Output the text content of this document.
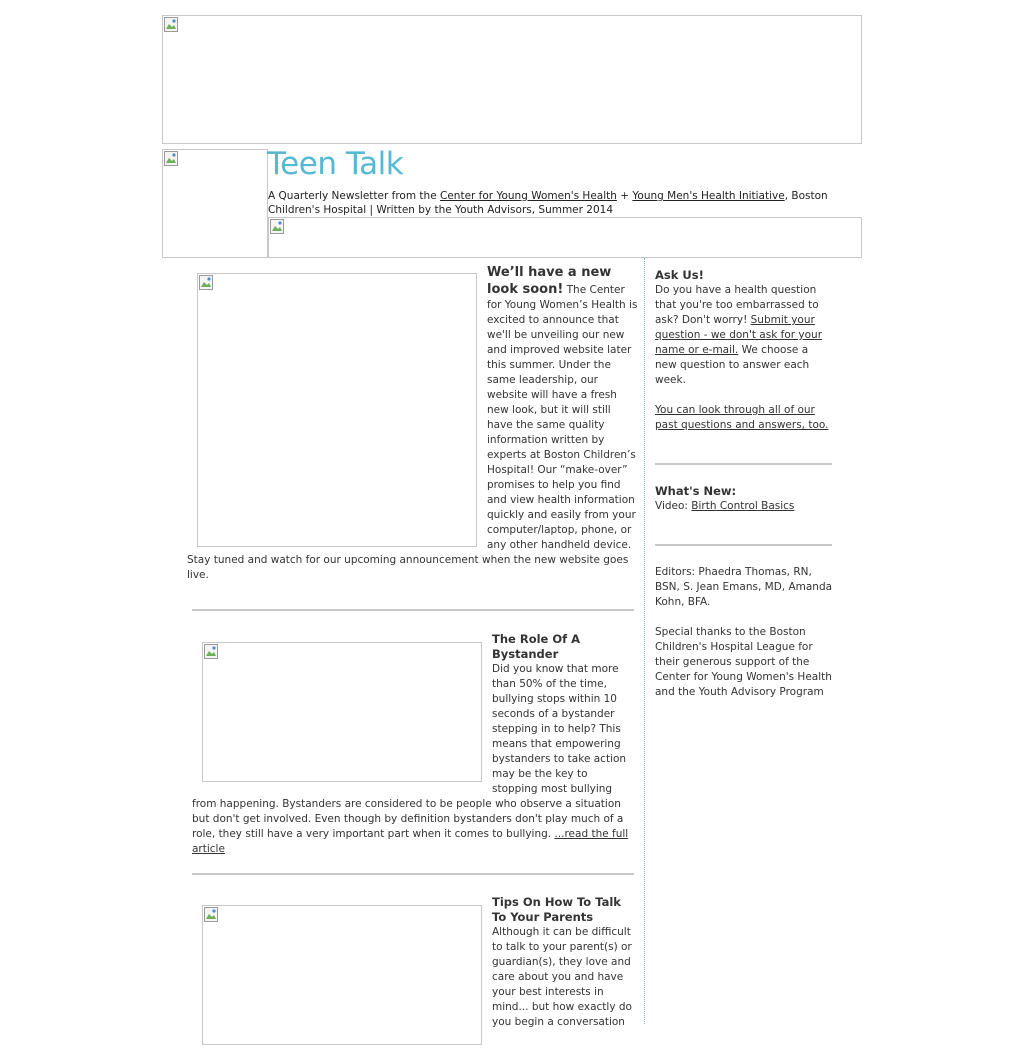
Teen Talk
A Quarterly Newsletter from the Center for Young Women's Health + Young Men's Health Initiative, Boston Children's Hospital | Written by the Youth Advisors, Summer 2014
We’ll have a new look soon! The Center for Young Women’s Health is excited to announce that we'll be unveiling our new and improved website later this summer. Under the same leadership, our website will have a fresh new look, but it will still have the same quality information written by experts at Boston Children’s Hospital! Our “make-over” promises to help you find and view health information quickly and easily from your computer/laptop, phone, or any other handheld device. Stay tuned and watch for our upcoming announcement when the new website goes live.
The Role Of A Bystander
Did you know that more than 50% of the time, bullying stops within 10 seconds of a bystander stepping in to help? This means that empowering bystanders to take action may be the key to stopping most bullying from happening. Bystanders are considered to be people who observe a situation but don't get involved. Even though by definition bystanders don't play much of a role, they still have a very important part when it comes to bullying. ...read the full article
Tips On How To Talk To Your Parents
Although it can be difficult to talk to your parent(s) or guardian(s), they love and care about you and have your best interests in mind... but how exactly do you begin a conversation
Ask Us!
Do you have a health question that you're too embarrassed to ask? Don't worry! Submit your question - we don't ask for your name or e-mail. We choose a new question to answer each week.
You can look through all of our past questions and answers, too.
What's New:
Video: Birth Control Basics
Editors: Phaedra Thomas, RN, BSN, S. Jean Emans, MD, Amanda Kohn, BFA.
Special thanks to the Boston Children's Hospital League for their generous support of the Center for Young Women's Health and the Youth Advisory Program
